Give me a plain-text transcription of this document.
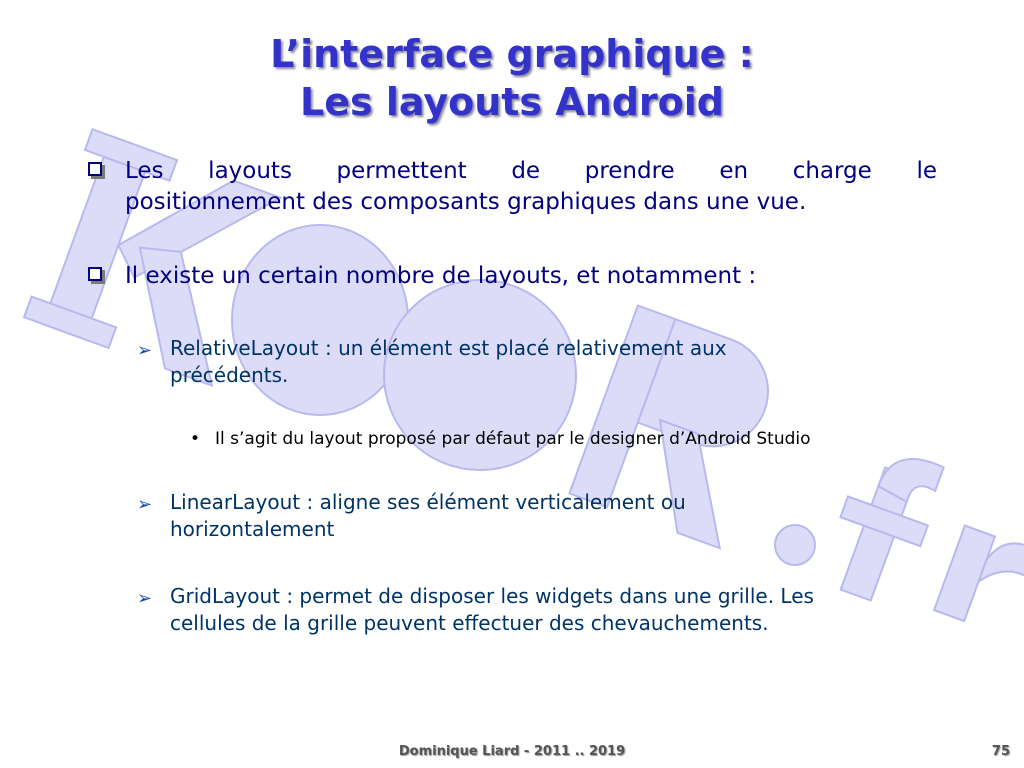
L’interface graphique :
Les layouts Android
Les layouts permettent de prendre en charge le
positionnement des composants graphiques dans une vue.
Il existe un certain nombre de layouts, et notamment :
➢ RelativeLayout : un élément est placé relativement aux
précédents.
• Il s’agit du layout proposé par défaut par le designer d’Android Studio
➢ LinearLayout : aligne ses élément verticalement ou
horizontalement
➢ GridLayout : permet de disposer les widgets dans une grille. Les
cellules de la grille peuvent effectuer des chevauchements.
Dominique Liard - 2011 .. 2019	75
